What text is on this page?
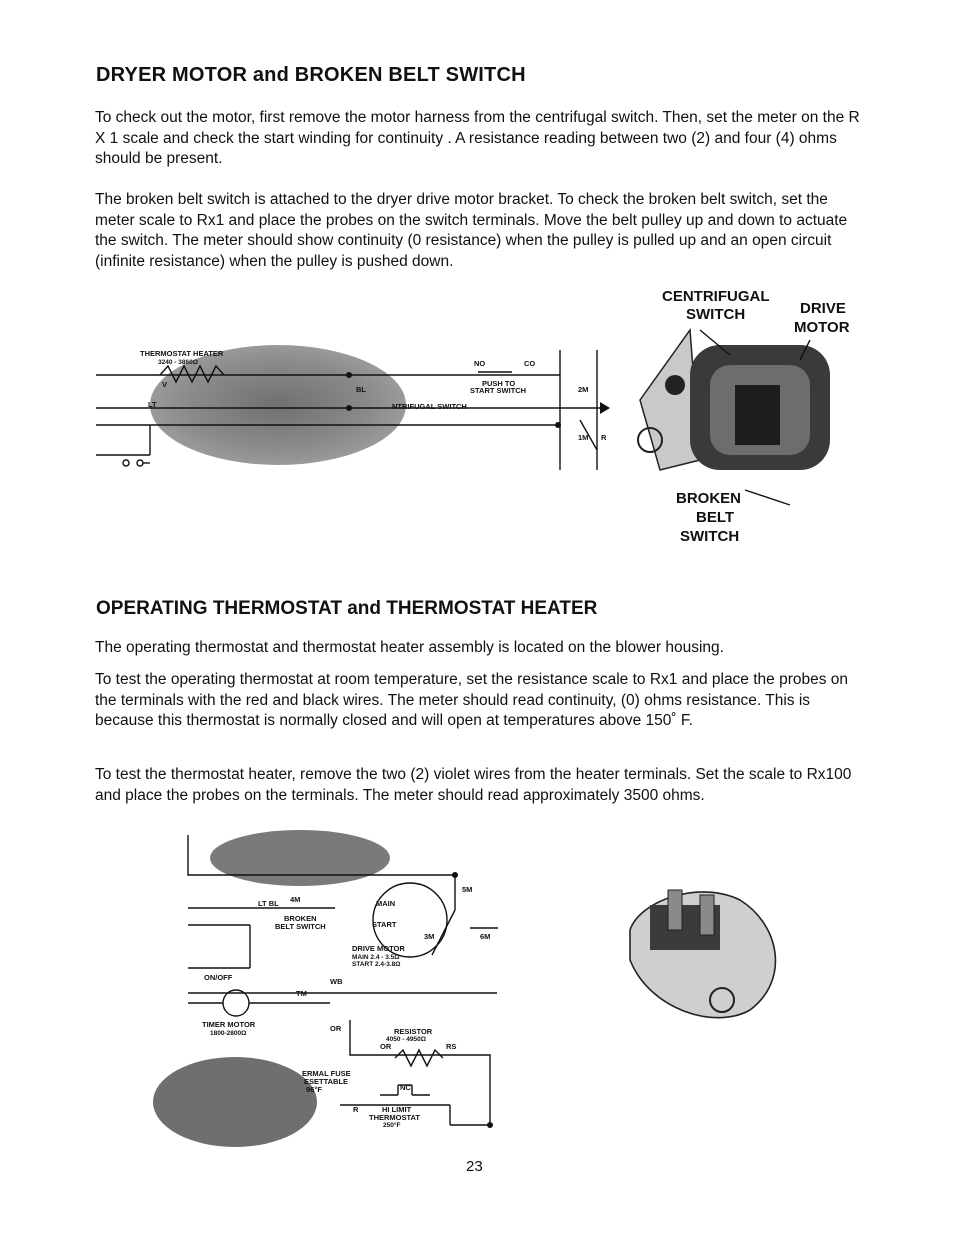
DRYER MOTOR and BROKEN BELT SWITCH
To check out the motor, first remove the motor harness from the centrifugal switch. Then, set the meter on the R X 1 scale and check the start winding for continuity . A resistance reading between two (2) and four (4) ohms should be present.
The broken belt switch is attached to the dryer drive motor bracket. To check the broken belt switch, set the meter scale to Rx1 and place the probes on the switch terminals. Move the belt pulley up and down to actuate the switch. The meter should show continuity (0 resistance) when the pulley is pulled up and an open circuit (infinite resistance) when the pulley is pushed down.
THERMOSTAT HEATER
3240 - 3860Ω
V
LT
NO	CO
PUSH TO
START SWITCH
NTRIFUGAL SWITCH
BL	2M
1M R
CENTRIFUGAL
SWITCH	DRIVE
MOTOR
BROKEN
BELT
SWITCH
OPERATING THERMOSTAT and THERMOSTAT HEATER
The operating thermostat and thermostat heater assembly is located on the blower housing.
To test the operating thermostat at room temperature, set the resistance scale to Rx1 and place the probes on the terminals with the red and black wires. The meter should read continuity, (0) ohms resistance. This is because this thermostat is normally closed and will open at temperatures above 150˚ F.
To test the thermostat heater, remove the two (2) violet wires from the heater terminals. Set the scale to Rx100 and place the probes on the terminals. The meter should read approximately 3500 ohms.
LT BL 4M
BROKEN
BELT SWITCH
MAIN
START
5M
3M	6M
DRIVE MOTOR
MAIN 2.4 - 3.5Ω
START 2.4-3.8Ω
ON/OFF	WB
TM
TIMER MOTOR
1800-2800Ω
OR	RESISTOR
4050 - 4950Ω
OR	RS
ERMAL FUSE
ESETTABLE
96°F	NC
R	HI LIMIT
THERMOSTAT
250°F
23
